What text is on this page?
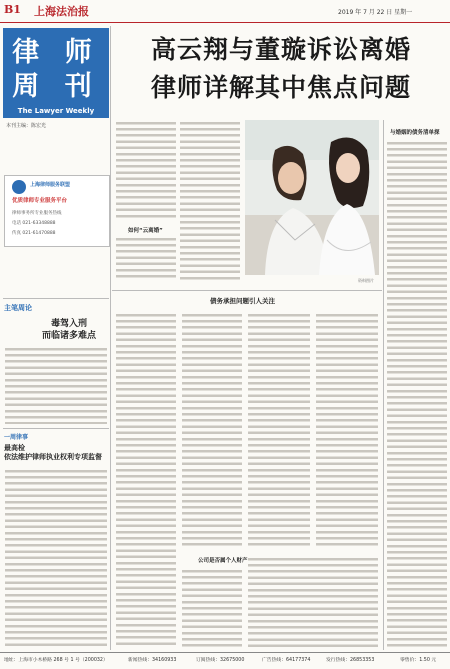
B1 上海法治报	2019 年 7 月 22 日 星期一
律 师
周 刊
The Lawyer Weekly
本刊主编：陈宏光
上海律师服务联盟
优质律师专业服务平台
律师事务所专业服务热线
电话 021-63348888
传真 021-61470888
主笔周论
毒驾入刑
而临诸多难点
一周律事
最高检
依法维护律师执业权利专项监督
高云翔与董璇诉讼离婚
律师详解其中焦点问题
如何“云离婚”
资料图片
与婚姻的债务清单探
债务承担问题引人关注
公司是否属个人财产
地址：上海市小木桥路 268 号 1 号（200032）	新闻热线：34160933	订阅热线：32675000	广告热线：64177374	发行热线：26853353	零售价：1.50 元
